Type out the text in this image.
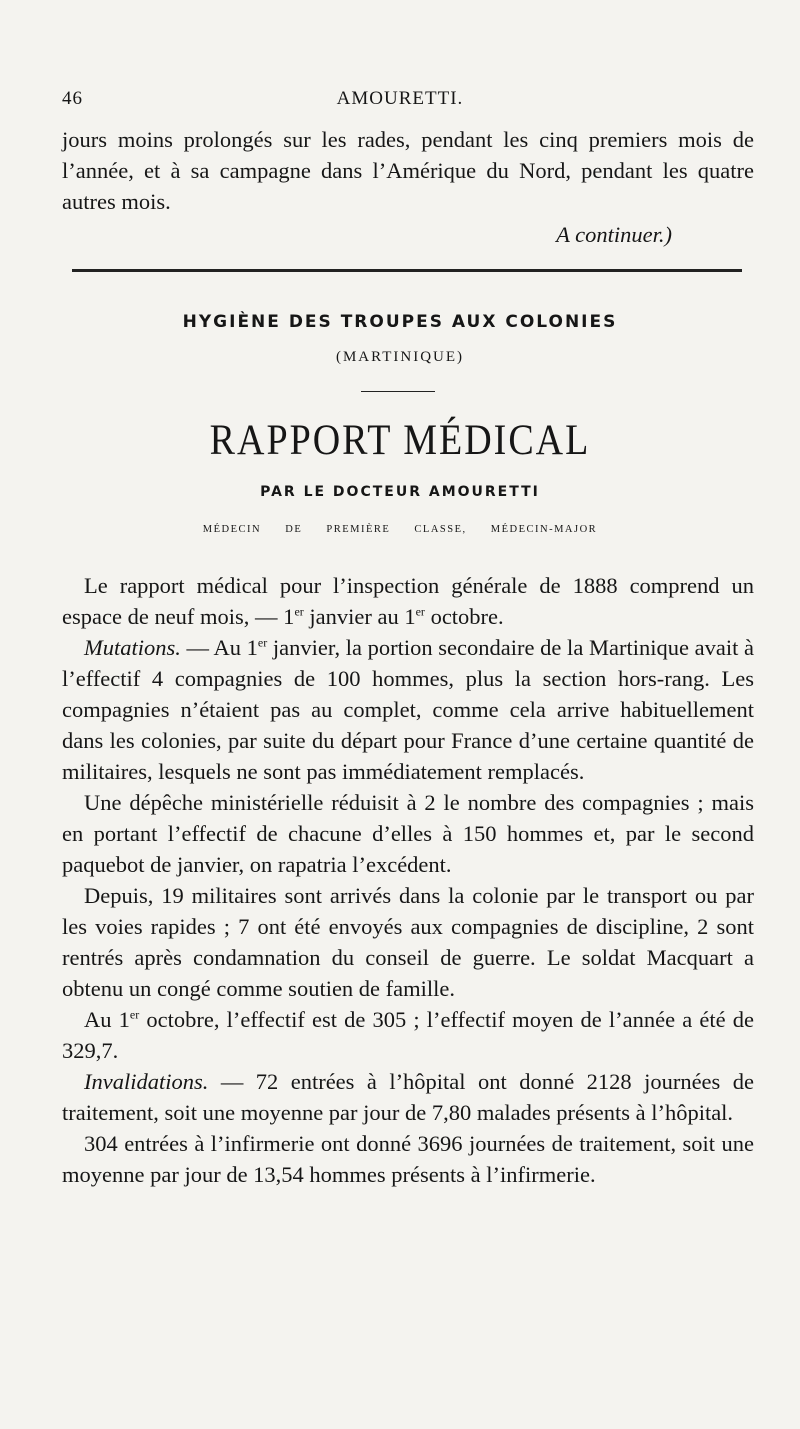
46	AMOURETTI.

jours moins prolongés sur les rades, pendant les cinq premiers mois de l’année, et à sa campagne dans l’Amérique du Nord, pendant les quatre autres mois.

A continuer.)

HYGIÈNE DES TROUPES AUX COLONIES
(MARTINIQUE)
RAPPORT MÉDICAL
PAR LE DOCTEUR AMOURETTI
MÉDECIN DE PREMIÈRE CLASSE, MÉDECIN-MAJOR

Le rapport médical pour l’inspection générale de 1888 comprend un espace de neuf mois, — 1er janvier au 1er octobre.

Mutations. — Au 1er janvier, la portion secondaire de la Martinique avait à l’effectif 4 compagnies de 100 hommes, plus la section hors-rang. Les compagnies n’étaient pas au complet, comme cela arrive habituellement dans les colonies, par suite du départ pour France d’une certaine quantité de militaires, lesquels ne sont pas immédiatement remplacés.

Une dépêche ministérielle réduisit à 2 le nombre des compagnies ; mais en portant l’effectif de chacune d’elles à 150 hommes et, par le second paquebot de janvier, on rapatria l’excédent.

Depuis, 19 militaires sont arrivés dans la colonie par le transport ou par les voies rapides ; 7 ont été envoyés aux compagnies de discipline, 2 sont rentrés après condamnation du conseil de guerre. Le soldat Macquart a obtenu un congé comme soutien de famille.

Au 1er octobre, l’effectif est de 305 ; l’effectif moyen de l’année a été de 329,7.

Invalidations. — 72 entrées à l’hôpital ont donné 2128 journées de traitement, soit une moyenne par jour de 7,80 malades présents à l’hôpital.

304 entrées à l’infirmerie ont donné 3696 journées de traitement, soit une moyenne par jour de 13,54 hommes présents à l’infirmerie.
